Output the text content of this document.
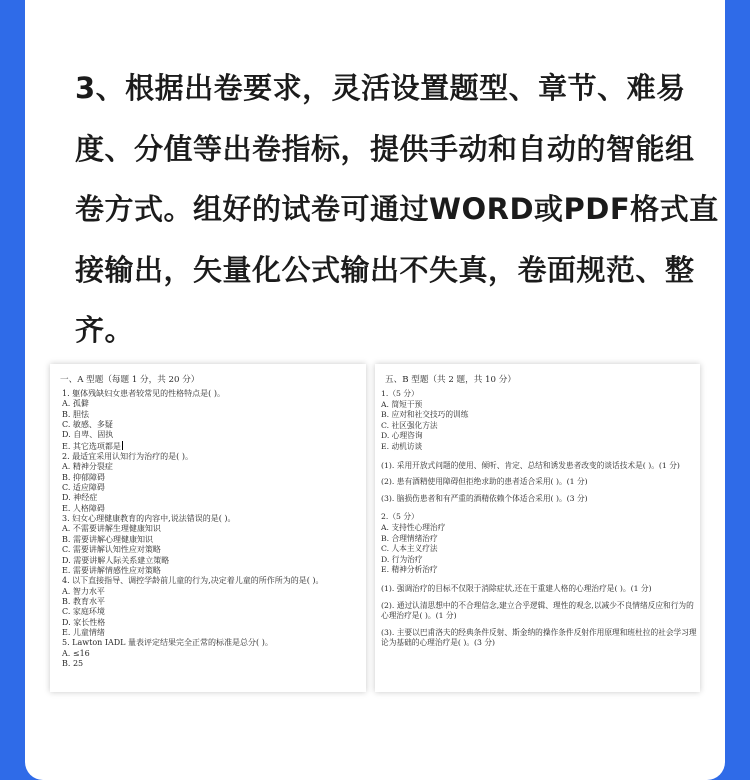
3、根据出卷要求，灵活设置题型、章节、难易

度、分值等出卷指标，提供手动和自动的智能组

卷方式。组好的试卷可通过WORD或PDF格式直

接输出，矢量化公式输出不失真，卷面规范、整

齐。

一、A 型题（每题 1 分，共 20 分）
1. 躯体残缺妇女患者较常见的性格特点是( )。
A. 孤僻
B. 胆怯
C. 敏感、多疑
D. 自卑、固执
E. 其它选项都是
2. 最适宜采用认知行为治疗的是( )。
A. 精神分裂症
B. 抑郁障碍
C. 适应障碍
D. 神经症
E. 人格障碍
3. 妇女心理健康教育的内容中,说法错误的是( )。
A. 不需要讲解生理健康知识
B. 需要讲解心理健康知识
C. 需要讲解认知性应对策略
D. 需要讲解人际关系建立策略
E. 需要讲解情感性应对策略
4. 以下直接指导、调控学龄前儿童的行为,决定着儿童的所作所为的是( )。
A. 智力水平
B. 教育水平
C. 家庭环境
D. 家长性格
E. 儿童情绪
5. Lawton IADL 量表评定结果完全正常的标准是总分( )。
A. ≤16
B. 25
五、B 型题（共 2 题，共 10 分）
1.（5 分）
A. 简短干预
B. 应对和社交技巧的训练
C. 社区强化方法
D. 心理咨询
E. 动机访谈
(1). 采用开放式问题的使用、倾听、肯定、总结和诱发患者改变的谈话技术是( )。(1 分)
(2). 患有酒精使用障碍但拒绝求助的患者适合采用( )。(1 分)
(3). 脑损伤患者和有严重的酒精依赖个体适合采用( )。(3 分)
2.（5 分）
A. 支持性心理治疗
B. 合理情绪治疗
C. 人本主义疗法
D. 行为治疗
E. 精神分析治疗
(1). 强调治疗的目标不仅限于消除症状,还在于重建人格的心理治疗是( )。(1 分)
(2). 通过认清思想中的不合理信念,建立合乎逻辑、理性的观念,以减少不良情绪反应和行为的心理治疗是( )。(1 分)
(3). 主要以巴甫洛夫的经典条件反射、斯金纳的操作条件反射作用原理和班杜拉的社会学习理论为基础的心理治疗是( )。(3 分)
